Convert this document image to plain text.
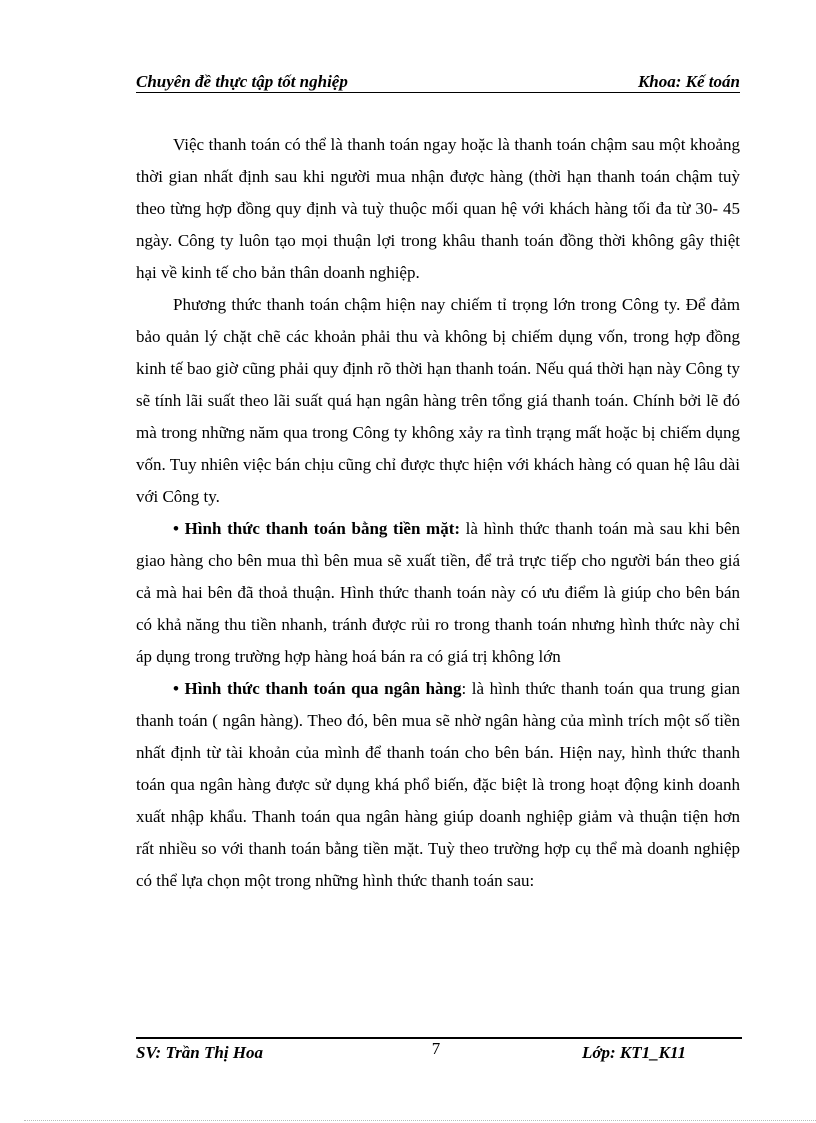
Chuyên đề thực tập tốt nghiệp	Khoa: Kế toán

Việc thanh toán có thể là thanh toán ngay hoặc là thanh toán chậm sau một khoảng thời gian nhất định sau khi người mua nhận được hàng (thời hạn thanh toán chậm tuỳ theo từng hợp đồng quy định và tuỳ thuộc mối quan hệ với khách hàng tối đa từ 30- 45 ngày. Công ty luôn tạo mọi thuận lợi trong khâu thanh toán đồng thời không gây thiệt hại về kinh tế cho bản thân doanh nghiệp.

Phương thức thanh toán chậm hiện nay chiếm tỉ trọng lớn trong Công ty. Để đảm bảo quản lý chặt chẽ các khoản phải thu và không bị chiếm dụng vốn, trong hợp đồng kinh tế bao giờ cũng phải quy định rõ thời hạn thanh toán. Nếu quá thời hạn này Công ty sẽ tính lãi suất theo lãi suất quá hạn ngân hàng trên tổng giá thanh toán. Chính bởi lẽ đó mà trong những năm qua trong Công ty không xảy ra tình trạng mất hoặc bị chiếm dụng vốn. Tuy nhiên việc bán chịu cũng chỉ được thực hiện với khách hàng có quan hệ lâu dài với Công ty.

• Hình thức thanh toán bằng tiền mặt: là hình thức thanh toán mà sau khi bên giao hàng cho bên mua thì bên mua sẽ xuất tiền, để trả trực tiếp cho người bán theo giá cả mà hai bên đã thoả thuận. Hình thức thanh toán này có ưu điểm là giúp cho bên bán có khả năng thu tiền nhanh, tránh được rủi ro trong thanh toán nhưng hình thức này chỉ áp dụng trong trường hợp hàng hoá bán ra có giá trị không lớn

• Hình thức thanh toán qua ngân hàng: là hình thức thanh toán qua trung gian thanh toán ( ngân hàng). Theo đó, bên mua sẽ nhờ ngân hàng của mình trích một số tiền nhất định từ tài khoản của mình để thanh toán cho bên bán. Hiện nay, hình thức thanh toán qua ngân hàng được sử dụng khá phổ biến, đặc biệt là trong hoạt động kinh doanh xuất nhập khẩu. Thanh toán qua ngân hàng giúp doanh nghiệp giảm và thuận tiện hơn rất nhiều so với thanh toán bằng tiền mặt. Tuỳ theo trường hợp cụ thể mà doanh nghiệp có thể lựa chọn một trong những hình thức thanh toán sau:

SV: Trần Thị Hoa	7	Lớp: KT1_K11
